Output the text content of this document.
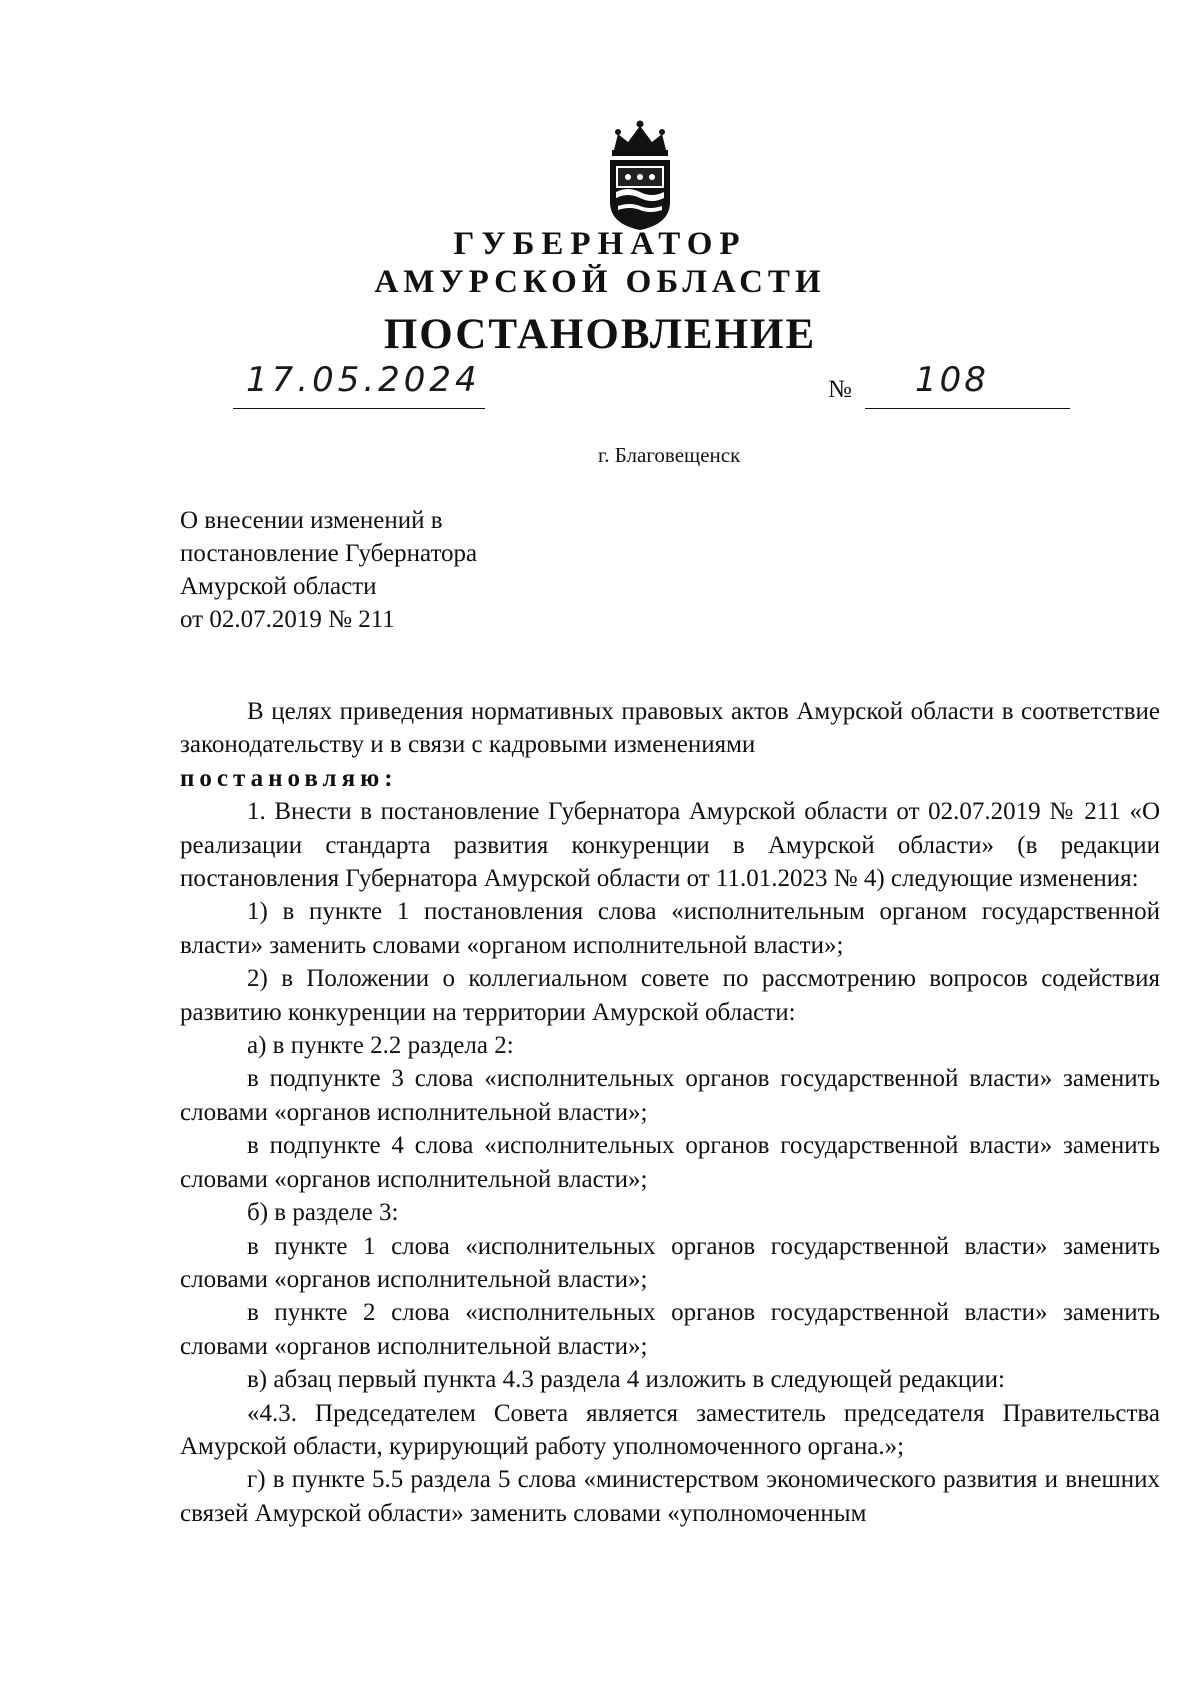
ГУБЕРНАТОР
АМУРСКОЙ ОБЛАСТИ
ПОСТАНОВЛЕНИЕ
17.05.2024	№ 108
г. Благовещенск
О внесении изменений в
постановление Губернатора
Амурской области
от 02.07.2019 № 211
В целях приведения нормативных правовых актов Амурской области в соответствие законодательству и в связи с кадровыми изменениями
постановляю:
1. Внести в постановление Губернатора Амурской области от 02.07.2019 № 211 «О реализации стандарта развития конкуренции в Амурской области» (в редакции постановления Губернатора Амурской области от 11.01.2023 № 4) следующие изменения:
1) в пункте 1 постановления слова «исполнительным органом государственной власти» заменить словами «органом исполнительной власти»;
2) в Положении о коллегиальном совете по рассмотрению вопросов содействия развитию конкуренции на территории Амурской области:
а) в пункте 2.2 раздела 2:
в подпункте 3 слова «исполнительных органов государственной власти» заменить словами «органов исполнительной власти»;
в подпункте 4 слова «исполнительных органов государственной власти» заменить словами «органов исполнительной власти»;
б) в разделе 3:
в пункте 1 слова «исполнительных органов государственной власти» заменить словами «органов исполнительной власти»;
в пункте 2 слова «исполнительных органов государственной власти» заменить словами «органов исполнительной власти»;
в) абзац первый пункта 4.3 раздела 4 изложить в следующей редакции:
«4.3. Председателем Совета является заместитель председателя Правительства Амурской области, курирующий работу уполномоченного органа.»;
г) в пункте 5.5 раздела 5 слова «министерством экономического развития и внешних связей Амурской области» заменить словами «уполномоченным
